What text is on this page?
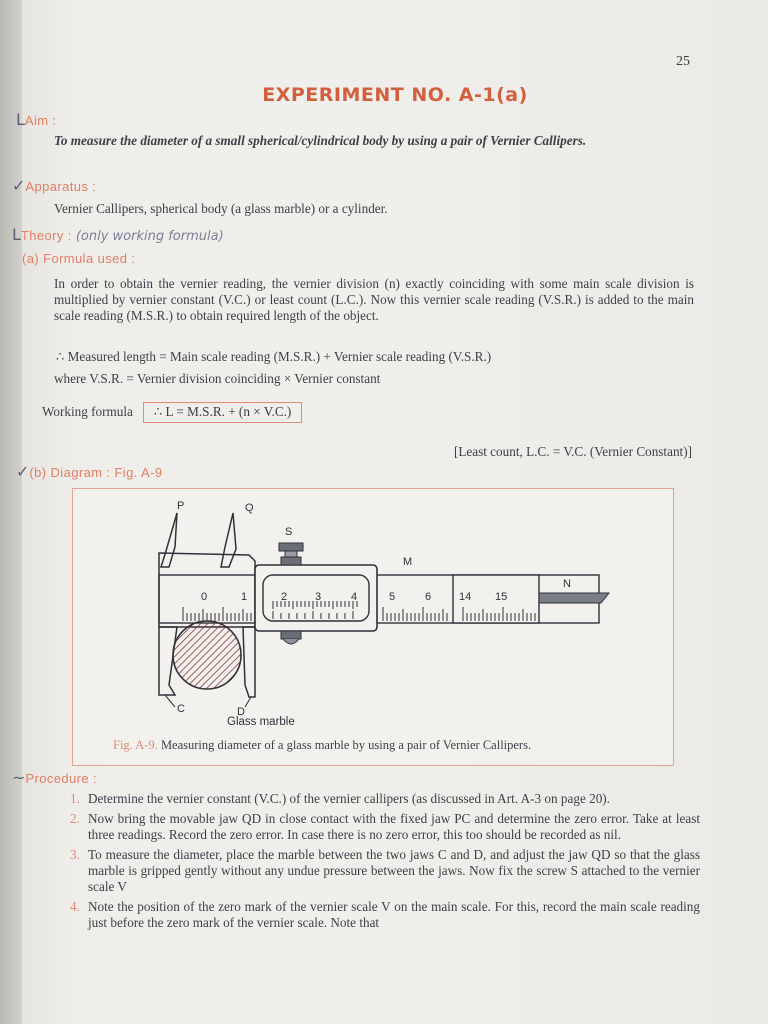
25
EXPERIMENT NO. A-1(a)
LAim :
To measure the diameter of a small spherical/cylindrical body by using a pair of Vernier Callipers.
✓Apparatus :
Vernier Callipers, spherical body (a glass marble) or a cylinder.
LTheory : (only working formula)
(a) Formula used :
In order to obtain the vernier reading, the vernier division (n) exactly coinciding with some main scale division is multiplied by vernier constant (V.C.) or least count (L.C.). Now this vernier scale reading (V.S.R.) is added to the main scale reading (M.S.R.) to obtain required length of the object.
∴ Measured length = Main scale reading (M.S.R.) + Vernier scale reading (V.S.R.)
where V.S.R. = Vernier division coinciding × Vernier constant
Working formula ∴ L = M.S.R. + (n × V.C.)
[Least count, L.C. = V.C. (Vernier Constant)]
✓(b) Diagram : Fig. A-9
P	Q
S
M
N
C	D
Glass marble
0	1	2	3	4	5	6	14 15
Fig. A-9. Measuring diameter of a glass marble by using a pair of Vernier Callipers.
~Procedure :
1. Determine the vernier constant (V.C.) of the vernier callipers (as discussed in Art. A-3 on page 20).
2. Now bring the movable jaw QD in close contact with the fixed jaw PC and determine the zero error. Take at least three readings. Record the zero error. In case there is no zero error, this too should be recorded as nil.
3. To measure the diameter, place the marble between the two jaws C and D, and adjust the jaw QD so that the glass marble is gripped gently without any undue pressure between the jaws. Now fix the screw S attached to the vernier scale V
4. Note the position of the zero mark of the vernier scale V on the main scale. For this, record the main scale reading just before the zero mark of the vernier scale. Note that
